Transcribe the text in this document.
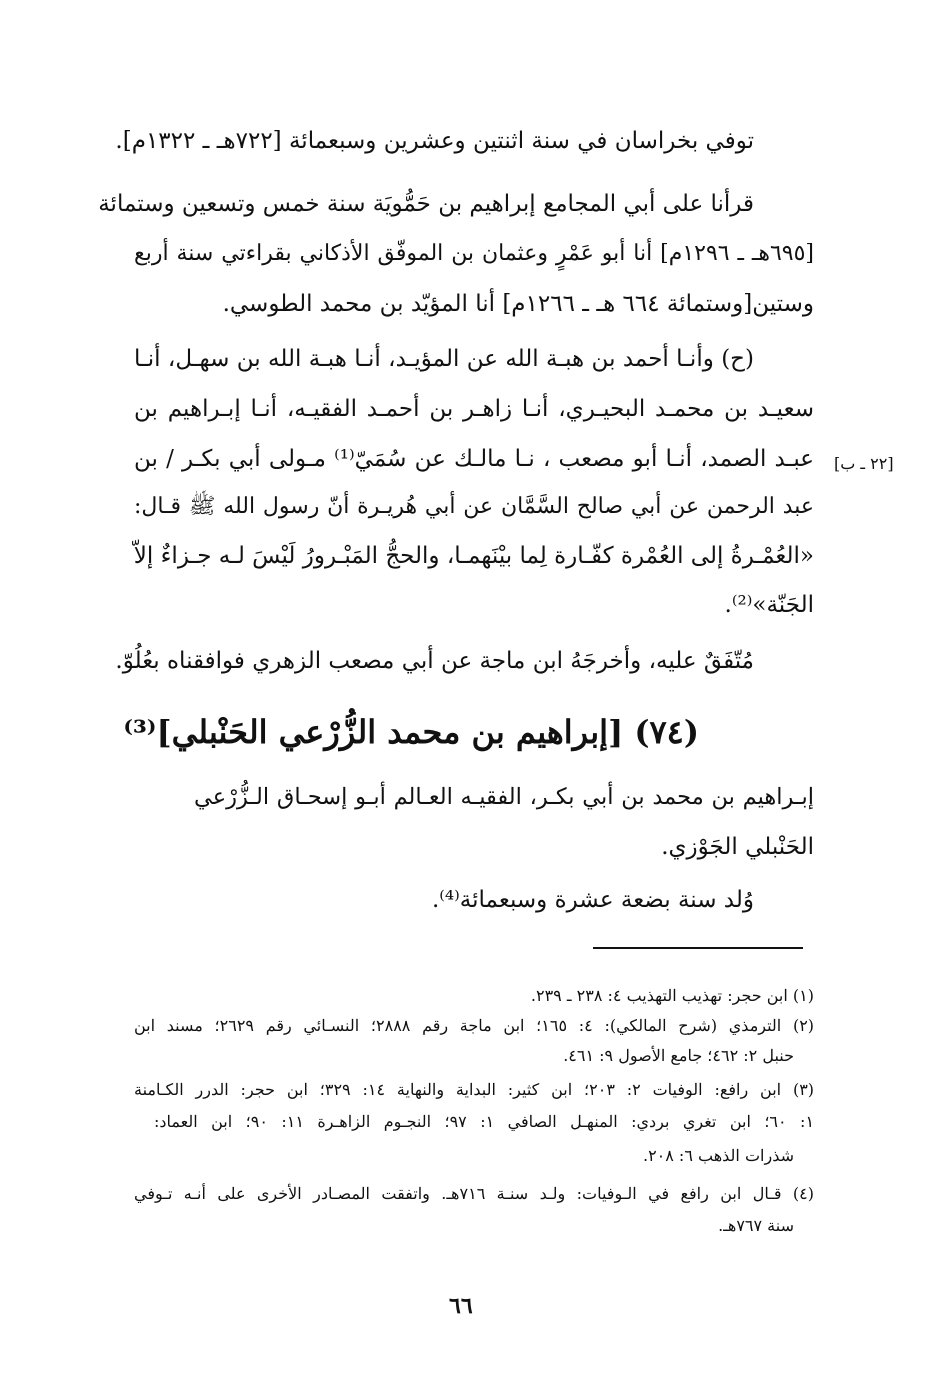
توفي بخراسان في سنة اثنتين وعشرين وسبعمائة [٧٢٢هـ ـ ١٣٢٢م].
قرأنا على أبي المجامع إبراهيم بن حَمُّويَة سنة خمس وتسعين وستمائة
[٦٩٥هـ ـ ١٢٩٦م] أنا أبو عَمْرٍ وعثمان بن الموفّق الأذكاني بقراءتي سنة أربع
وستين[وستمائة ٦٦٤ هـ ـ ١٢٦٦م] أنا المؤيّد بن محمد الطوسي.
(ح) وأنـا أحمد بن هبـة الله عن المؤيـد، أنـا هبـة الله بن سهـل، أنـا
سعيـد بن محمـد البحيـري، أنـا زاهـر بن أحمـد الفقيـه، أنـا إبـراهيم بن
عبـد الصمد، أنـا أبو مصعب ، نـا مالـك عن سُمَيّ⁽¹⁾ مـولى أبي بكـر / بن [٢٢ ـ ب]
عبد الرحمن عن أبي صالح السَّمَّان عن أبي هُريـرة أنّ رسول الله ﷺ قـال:
«العُمْـرةُ إلى العُمْرة كفّـارة لِما بيْنَهمـا، والحجُّ المَبْـرورُ لَيْسَ لـه جـزاءٌ إلاّ
الجَنّة»⁽²⁾.
مُتّفَقٌ عليه، وأخرجَهُ ابن ماجة عن أبي مصعب الزهري فوافقناه بعُلُوّ.
(٧٤) [إبراهيم بن محمد الزُّرْعي الحَنْبلي]⁽³⁾
إبـراهيم بن محمد بن أبي بكـر، الفقيـه العـالم أبـو إسحـاق الـزُّرْعي
الحَنْبلي الجَوْزي.
وُلد سنة بضعة عشرة وسبعمائة⁽⁴⁾.
(١) ابن حجر: تهذيب التهذيب ٤: ٢٣٨ ـ ٢٣٩.
(٢) الترمذي (شرح المالكي): ٤: ١٦٥؛ ابن ماجة رقم ٢٨٨٨؛ النسـائي رقم ٢٦٢٩؛ مسند ابن
حنبل ٢: ٤٦٢؛ جامع الأصول ٩: ٤٦١.
(٣) ابن رافع: الوفيات ٢: ٢٠٣؛ ابن كثير: البداية والنهاية ١٤: ٣٢٩؛ ابن حجر: الدرر الكـامنة
١: ٦٠؛ ابن تغري بردي: المنهـل الصافي ١: ٩٧؛ النجـوم الزاهـرة ١١: ٩٠؛ ابن العماد:
شذرات الذهب ٦: ٢٠٨.
(٤) قـال ابن رافع في الـوفيات: ولـد سنـة ٧١٦هـ. واتفقت المصـادر الأخرى على أنـه تـوفي
سنة ٧٦٧هـ.
٦٦
